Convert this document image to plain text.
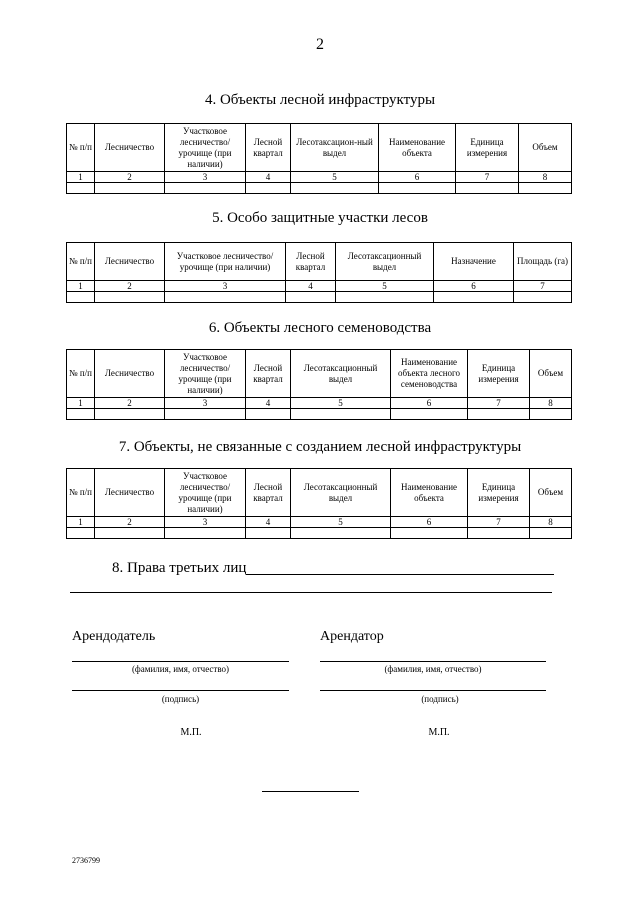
2
4. Объекты лесной инфраструктуры
№ п/п	Лесничество	Участковое лесничество/ урочище (при наличии)	Лесной квартал	Лесотаксацион-ный выдел	Наименование объекта	Единица измерения	Объем
1	2	3	4	5	6	7	8

5. Особо защитные участки лесов
№ п/п	Лесничество	Участковое лесничество/урочище (при наличии)	Лесной квартал	Лесотаксационный выдел	Назначение	Площадь (га)
1	2	3	4	5	6	7

6. Объекты лесного семеноводства
№ п/п	Лесничество	Участковое лесничество/ урочище (при наличии)	Лесной квартал	Лесотаксационный выдел	Наименование объекта лесного семеноводства	Единица измерения	Объем
1	2	3	4	5	6	7	8

7. Объекты, не связанные с созданием лесной инфраструктуры
№ п/п	Лесничество	Участковое лесничество/ урочище (при наличии)	Лесной квартал	Лесотаксационный выдел	Наименование объекта	Единица измерения	Объем
1	2	3	4	5	6	7	8

8. Права третьих лиц
Арендодатель
(фамилия, имя, отчество)
(подпись)
М.П.
Арендатор
(фамилия, имя, отчество)
(подпись)
М.П.
2736799
